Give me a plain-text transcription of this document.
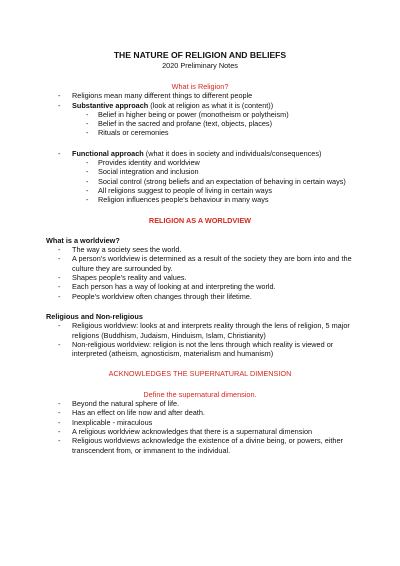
THE NATURE OF RELIGION AND BELIEFS
2020 Preliminary Notes
What is Religion?
- Religions mean many different things to different people
- Substantive approach (look at religion as what it is (content))
- Belief in higher being or power (monotheism or polytheism)
- Belief in the sacred and profane (text, objects, places)
- Rituals or ceremonies
- Functional approach (what it does in society and individuals/consequences)
- Provides identity and worldview
- Social integration and inclusion
- Social control (strong beliefs and an expectation of behaving in certain ways)
- All religions suggest to people of living in certain ways
- Religion influences people's behaviour in many ways
RELIGION AS A WORLDVIEW
What is a worldview?
- The way a society sees the world.
- A person's worldview is determined as a result of the society they are born into and the culture they are surrounded by.
- Shapes people's reality and values.
- Each person has a way of looking at and interpreting the world.
- People's worldview often changes through their lifetime.
Religious and Non-religious
- Religious worldview: looks at and interprets reality through the lens of religion, 5 major religions (Buddhism, Judaism, Hinduism, Islam, Christianity)
- Non-religious worldview: religion is not the lens through which reality is viewed or interpreted (atheism, agnosticism, materialism and humanism)
ACKNOWLEDGES THE SUPERNATURAL DIMENSION
Define the supernatural dimension.
- Beyond the natural sphere of life.
- Has an effect on life now and after death.
- Inexplicable - miraculous
- A religious worldview acknowledges that there is a supernatural dimension
- Religious worldviews acknowledge the existence of a divine being, or powers, either transcendent from, or immanent to the individual.
